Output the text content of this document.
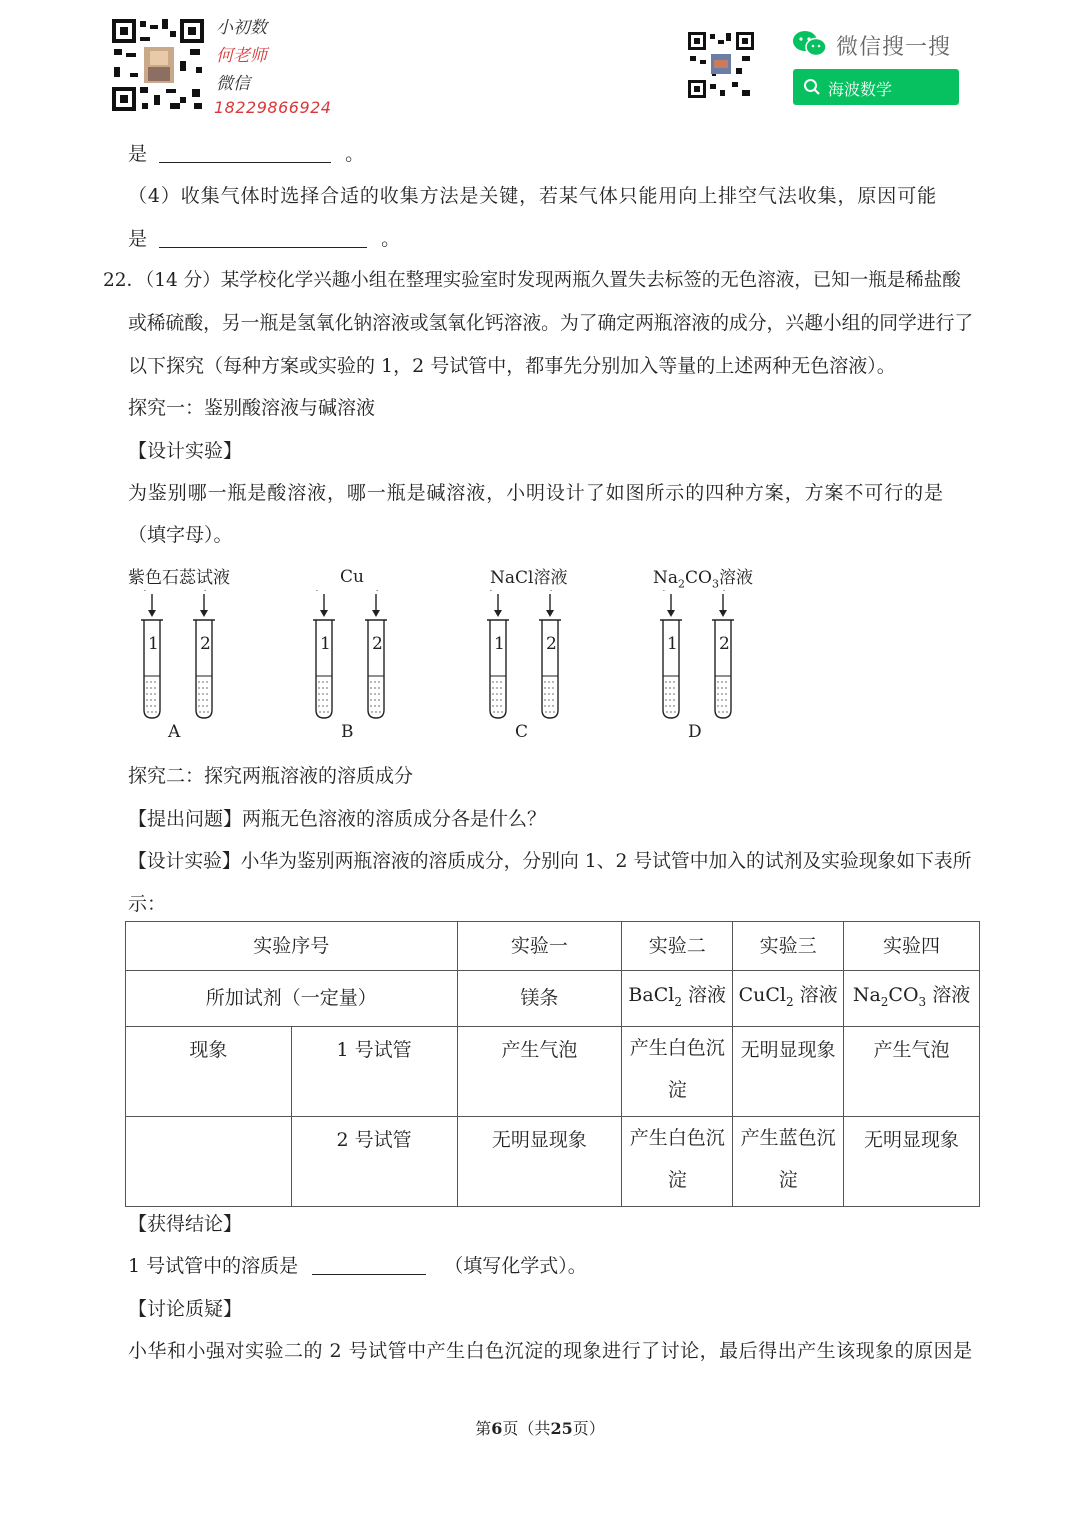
小初数
何老师
微信
18229866924
微信搜一搜
海波数学
是	。
（4）收集气体时选择合适的收集方法是关键，若某气体只能用向上排空气法收集，原因可能
是	。
22．（14 分）某学校化学兴趣小组在整理实验室时发现两瓶久置失去标签的无色溶液，已知一瓶是稀盐酸
或稀硫酸，另一瓶是氢氧化钠溶液或氢氧化钙溶液。为了确定两瓶溶液的成分，兴趣小组的同学进行了
以下探究（每种方案或实验的 1，2 号试管中，都事先分别加入等量的上述两种无色溶液）。
探究一：鉴别酸溶液与碱溶液
【设计实验】
为鉴别哪一瓶是酸溶液，哪一瓶是碱溶液，小明设计了如图所示的四种方案，方案不可行的是
（填字母）。
紫色石蕊试液	Cu	NaCl溶液	$Na_2CO_3$溶液
1 2	1 2	1 2	1 2
A	B	C	D
探究二：探究两瓶溶液的溶质成分
【提出问题】两瓶无色溶液的溶质成分各是什么？
【设计实验】小华为鉴别两瓶溶液的溶质成分，分别向 1、2 号试管中加入的试剂及实验现象如下表所
示：
实验序号		实验一	实验二	实验三	实验四
所加试剂（一定量）		镁条	BaCl$_2$ 溶液	CuCl$_2$ 溶液	$Na_2CO_3$ 溶液
现象	1 号试管	产生气泡	产生白色沉淀	无明显现象	产生气泡
	2 号试管	无明显现象	产生白色沉淀	产生蓝色沉淀	无明显现象
【获得结论】
1 号试管中的溶质是	（填写化学式）。
【讨论质疑】
小华和小强对实验二的 2 号试管中产生白色沉淀的现象进行了讨论，最后得出产生该现象的原因是
第6页（共25页）
